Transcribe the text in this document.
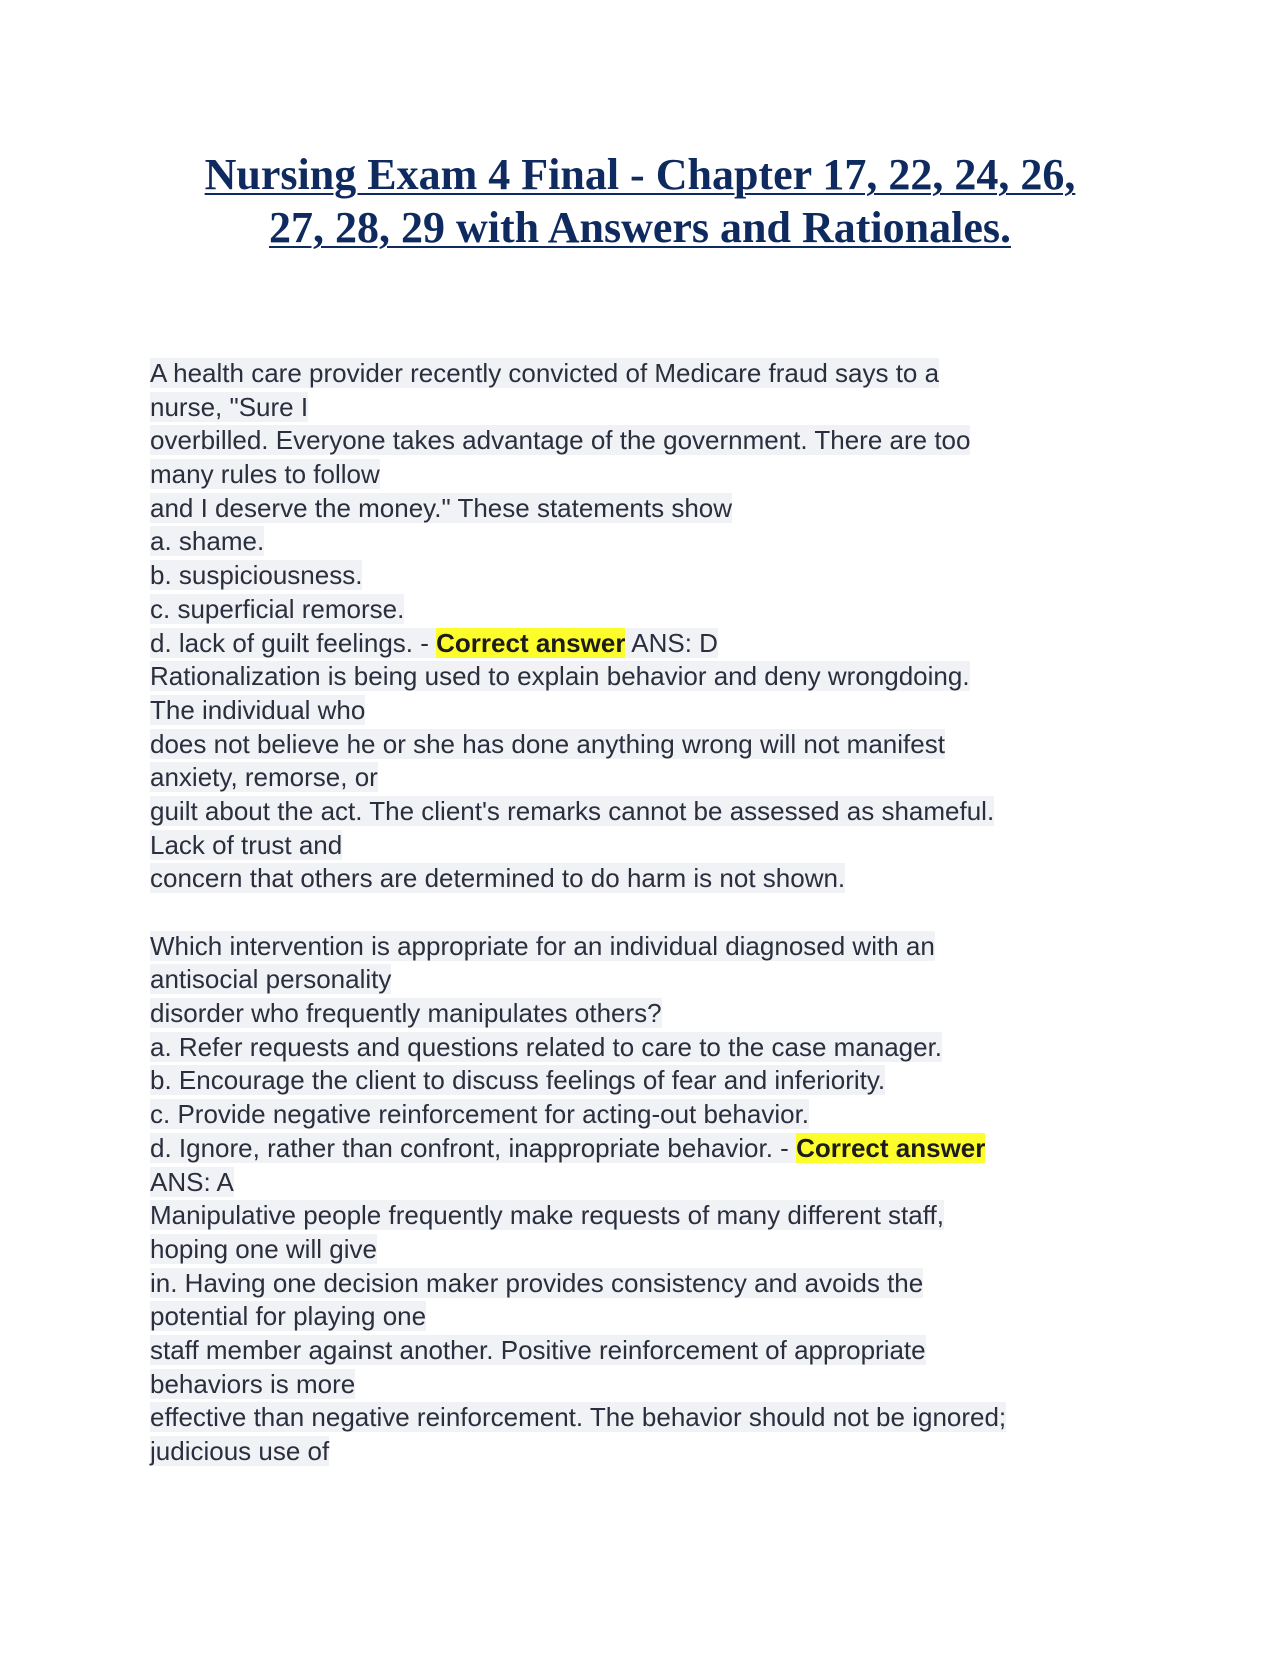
Nursing Exam 4 Final - Chapter 17, 22, 24, 26,
27, 28, 29 with Answers and Rationales.
A health care provider recently convicted of Medicare fraud says to a
nurse, "Sure I
overbilled. Everyone takes advantage of the government. There are too
many rules to follow
and I deserve the money." These statements show
a. shame.
b. suspiciousness.
c. superficial remorse.
d. lack of guilt feelings. - Correct answer ANS: D
Rationalization is being used to explain behavior and deny wrongdoing.
The individual who
does not believe he or she has done anything wrong will not manifest
anxiety, remorse, or
guilt about the act. The client's remarks cannot be assessed as shameful.
Lack of trust and
concern that others are determined to do harm is not shown.
Which intervention is appropriate for an individual diagnosed with an
antisocial personality
disorder who frequently manipulates others?
a. Refer requests and questions related to care to the case manager.
b. Encourage the client to discuss feelings of fear and inferiority.
c. Provide negative reinforcement for acting-out behavior.
d. Ignore, rather than confront, inappropriate behavior. - Correct answer
ANS: A
Manipulative people frequently make requests of many different staff,
hoping one will give
in. Having one decision maker provides consistency and avoids the
potential for playing one
staff member against another. Positive reinforcement of appropriate
behaviors is more
effective than negative reinforcement. The behavior should not be ignored;
judicious use of
